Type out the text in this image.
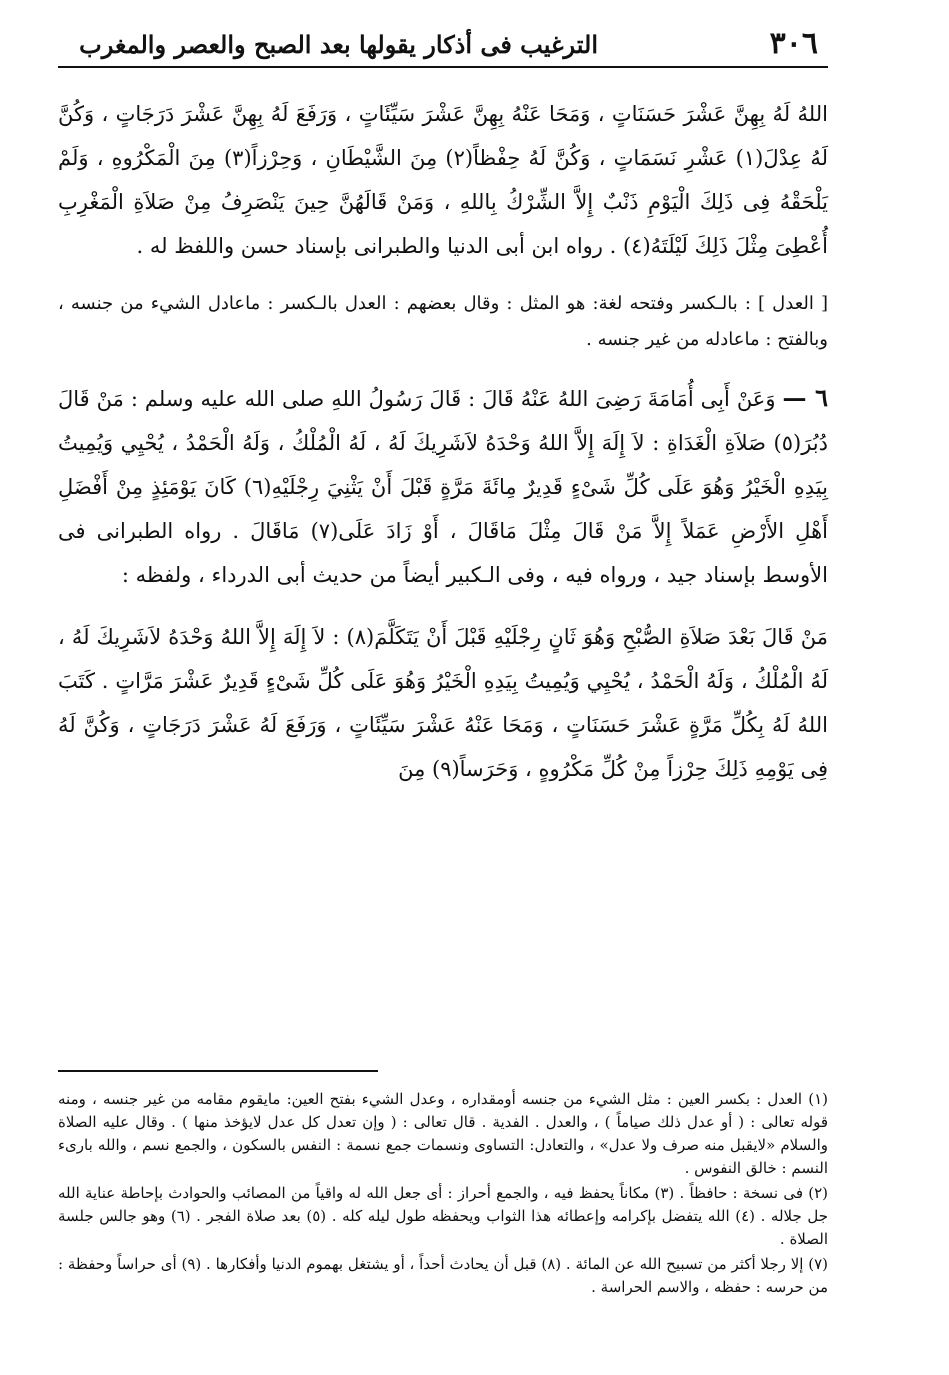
٣٠٦
الترغيب فى أذكار يقولها بعد الصبح والعصر والمغرب

اللهُ لَهُ بِهِنَّ عَشْرَ حَسَنَاتٍ ، وَمَحَا عَنْهُ بِهِنَّ عَشْرَ سَيِّئَاتٍ ، وَرَفَعَ لَهُ بِهِنَّ عَشْرَ دَرَجَاتٍ ، وَكُنَّ لَهُ عِدْلَ(١) عَشْرِ نَسَمَاتٍ ، وَكُنَّ لَهُ حِفْظاً(٢) مِنَ الشَّيْطَانِ ، وَحِرْزاً(٣) مِنَ الْمَكْرُوهِ ، وَلَمْ يَلْحَقْهُ فِى ذَلِكَ الْيَوْمِ ذَنْبٌ إِلاَّ الشِّرْكُ بِاللهِ ، وَمَنْ قَالَهُنَّ حِينَ يَنْصَرِفُ مِنْ صَلاَةِ الْمَغْرِبِ أُعْطِىَ مِثْلَ ذَلِكَ لَيْلَتَهُ(٤) . رواه ابن أبى الدنيا والطبرانى بإسناد حسن واللفظ له .

[ العدل ] : بالـكسر وفتحه لغة: هو المثل : وقال بعضهم : العدل بالـكسر : ماعادل الشيء من جنسه ، وبالفتح : ماعادله من غير جنسه .

٦ — وَعَنْ أَبِى أُمَامَةَ رَضِىَ اللهُ عَنْهُ قَالَ : قَالَ رَسُولُ اللهِ صلى الله عليه وسلم : مَنْ قَالَ دُبُرَ(٥) صَلاَةِ الْغَدَاةِ : لاَ إِلَهَ إِلاَّ اللهُ وَحْدَهُ لاَشَرِيكَ لَهُ ، لَهُ الْمُلْكُ ، وَلَهُ الْحَمْدُ ، يُحْيِي وَيُمِيتُ بِيَدِهِ الْخَيْرُ وَهُوَ عَلَى كُلِّ شَىْءٍ قَدِيرٌ مِائَةَ مَرَّةٍ قَبْلَ أَنْ يَثْنِيَ رِجْلَيْهِ(٦) كَانَ يَوْمَئِذٍ مِنْ أَفْضَلِ أَهْلِ الأَرْضِ عَمَلاً إِلاَّ مَنْ قَالَ مِثْلَ مَاقَالَ ، أَوْ زَادَ عَلَى(٧) مَاقَالَ . رواه الطبرانى فى الأوسط بإسناد جيد ، ورواه فيه ، وفى الـكبير أيضاً من حديث أبى الدرداء ، ولفظه :

مَنْ قَالَ بَعْدَ صَلاَةِ الصُّبْحِ وَهُوَ ثَانٍ رِجْلَيْهِ قَبْلَ أَنْ يَتَكَلَّمَ(٨) : لاَ إِلَهَ إِلاَّ اللهُ وَحْدَهُ لاَشَرِيكَ لَهُ ، لَهُ الْمُلْكُ ، وَلَهُ الْحَمْدُ ، يُحْيِي وَيُمِيتُ بِيَدِهِ الْخَيْرُ وَهُوَ عَلَى كُلِّ شَىْءٍ قَدِيرٌ عَشْرَ مَرَّاتٍ . كَتَبَ اللهُ لَهُ بِكُلِّ مَرَّةٍ عَشْرَ حَسَنَاتٍ ، وَمَحَا عَنْهُ عَشْرَ سَيِّئَاتٍ ، وَرَفَعَ لَهُ عَشْرَ دَرَجَاتٍ ، وَكُنَّ لَهُ فِى يَوْمِهِ ذَلِكَ حِرْزاً مِنْ كُلِّ مَكْرُوهٍ ، وَحَرَساً(٩) مِنَ

(١) العدل : بكسر العين : مثل الشيء من جنسه أومقداره ، وعدل الشيء بفتح العين: مايقوم مقامه من غير جنسه ، ومنه قوله تعالى : ( أو عدل ذلك صياماً ) ، والعدل . الفدية . قال تعالى : ( وإن تعدل كل عدل لايؤخذ منها ) . وقال عليه الصلاة والسلام «لايقبل منه صرف ولا عدل» ، والتعادل: التساوى ونسمات جمع نسمة : النفس بالسكون ، والجمع نسم ، والله بارىء النسم : خالق النفوس .

(٢) فى نسخة : حافظاً . (٣) مكاناً يحفظ فيه ، والجمع أحراز : أى جعل الله له واقياً من المصائب والحوادث بإحاطة عناية الله جل جلاله . (٤) الله يتفضل بإكرامه وإعطائه هذا الثواب ويحفظه طول ليله كله . (٥) بعد صلاة الفجر . (٦) وهو جالس جلسة الصلاة .

(٧) إلا رجلا أكثر من تسبيح الله عن المائة . (٨) قبل أن يحادث أحداً ، أو يشتغل بهموم الدنيا وأفكارها . (٩) أى حراساً وحفظة : من حرسه : حفظه ، والاسم الحراسة .
